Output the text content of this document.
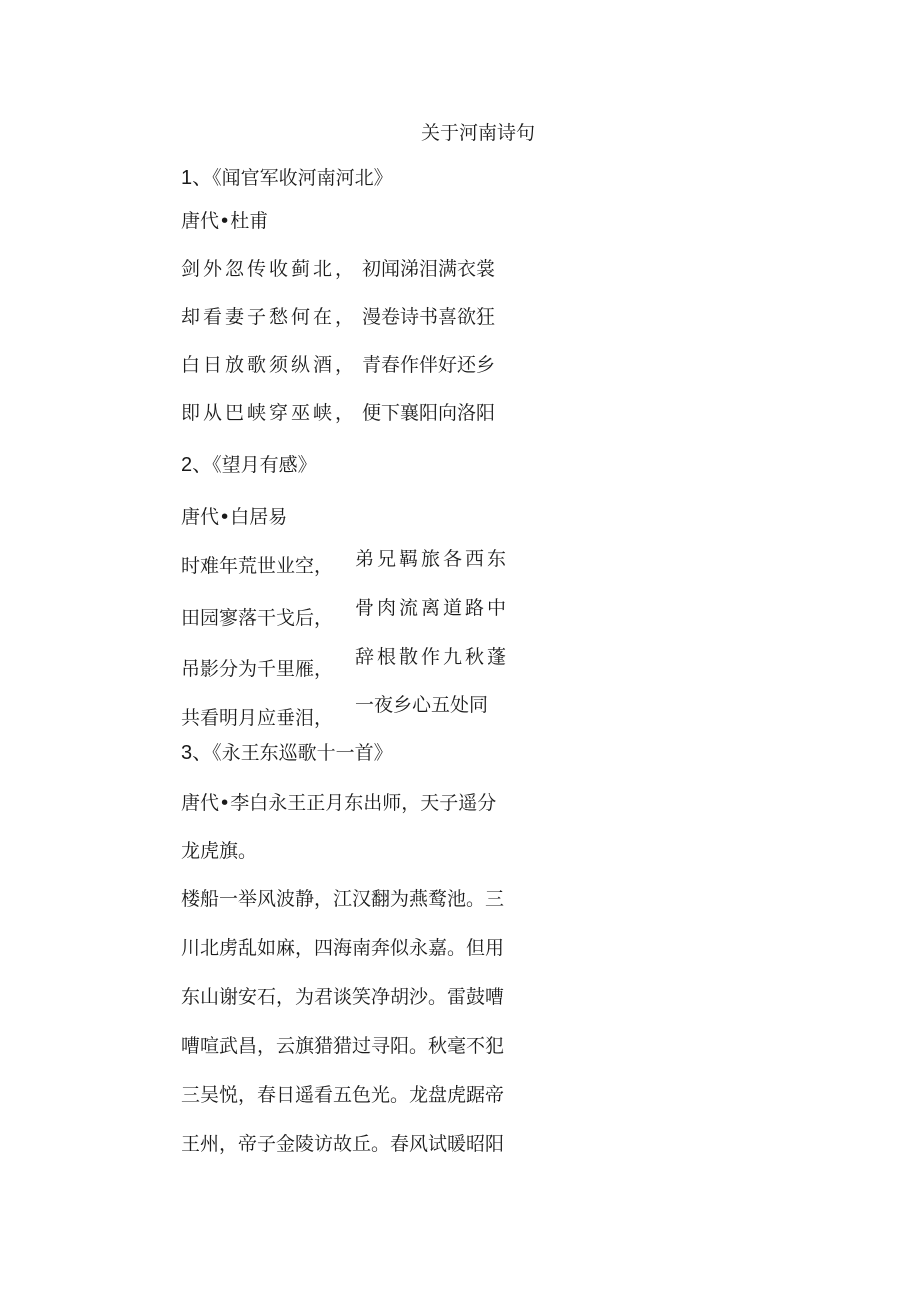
关于河南诗句
1、《闻官军收河南河北》
唐代•杜甫
剑外忽传收蓟北， 初闻涕泪满衣裳
却看妻子愁何在， 漫卷诗书喜欲狂
白日放歌须纵酒， 青春作伴好还乡
即从巴峡穿巫峡， 便下襄阳向洛阳
2、《望月有感》
唐代•白居易
时难年荒世业空， 弟兄羁旅各西东
田园寥落干戈后， 骨肉流离道路中
吊影分为千里雁，
辞根散作九秋蓬
共看明月应垂泪，
一夜乡心五处同
3、《永王东巡歌十一首》
唐代•李白永王正月东出师，天子遥分
龙虎旗。
楼船一举风波静，江汉翻为燕鹜池。三
川北虏乱如麻，四海南奔似永嘉。但用
东山谢安石，为君谈笑净胡沙。雷鼓嘈
嘈喧武昌，云旗猎猎过寻阳。秋毫不犯
三吴悦，春日遥看五色光。龙盘虎踞帝
王州，帝子金陵访故丘。春风试暖昭阳
